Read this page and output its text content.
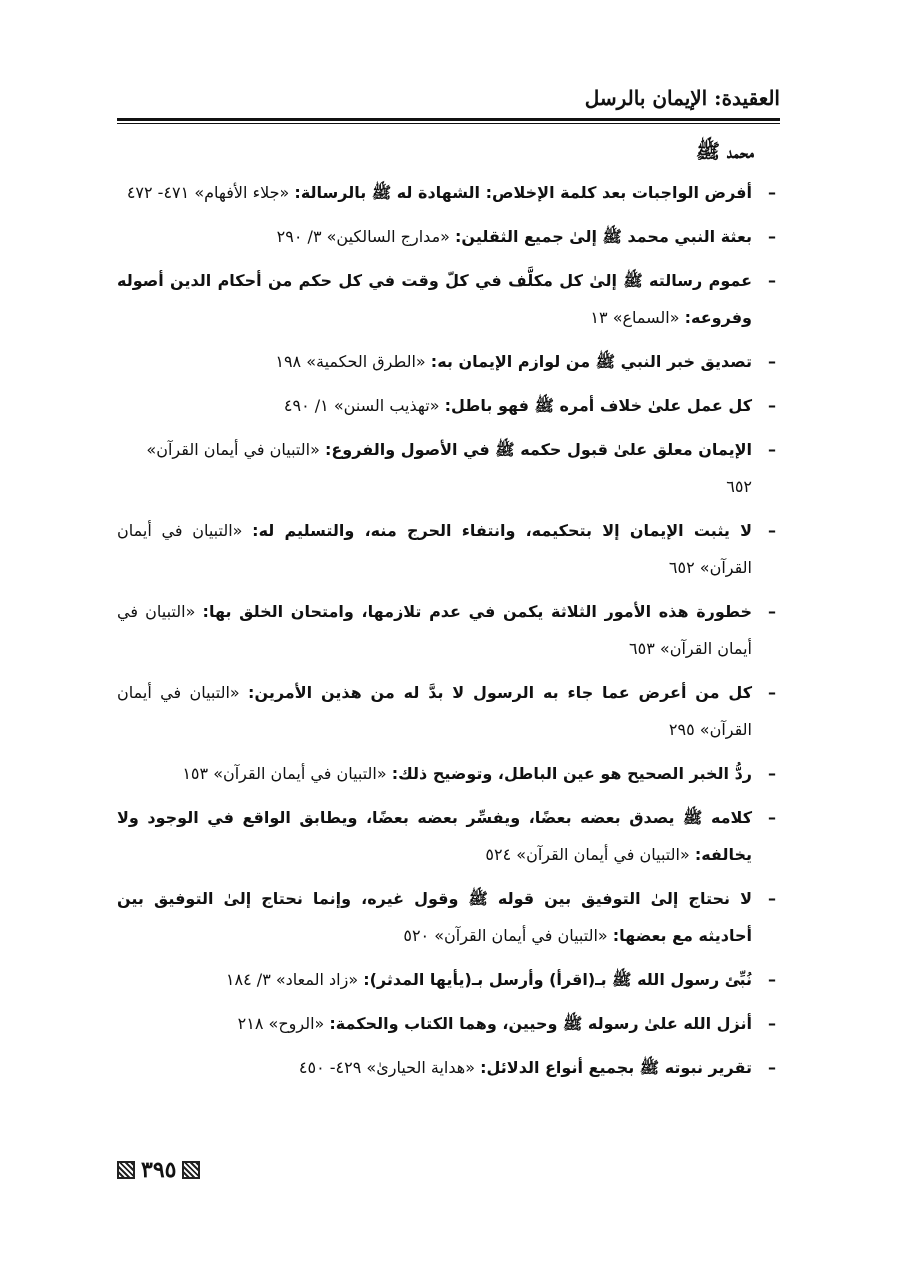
العقيدة: الإيمان بالرسل
محمد ﷺ
–
أفرض الواجبات بعد كلمة الإخلاص: الشهادة له ﷺ بالرسالة: «جلاء الأفهام» ٤٧١- ٤٧٢
–
بعثة النبي محمد ﷺ إلىٰ جميع الثقلين: «مدارج السالكين» ٣/ ٢٩٠
–
عموم رسالته ﷺ إلىٰ كل مكلَّف في كلّ وقت في كل حكم من أحكام الدين أصوله وفروعه: «السماع» ١٣
–
تصديق خبر النبي ﷺ من لوازم الإيمان به: «الطرق الحكمية» ١٩٨
–
كل عمل علىٰ خلاف أمره ﷺ فهو باطل: «تهذيب السنن» ١/ ٤٩٠
–
الإيمان معلق علىٰ قبول حكمه ﷺ في الأصول والفروع: «التبيان في أيمان القرآن» ٦٥٢
–
لا يثبت الإيمان إلا بتحكيمه، وانتفاء الحرج منه، والتسليم له: «التبيان في أيمان القرآن» ٦٥٢
–
خطورة هذه الأمور الثلاثة يكمن في عدم تلازمها، وامتحان الخلق بها: «التبيان في أيمان القرآن» ٦٥٣
–
كل من أعرض عما جاء به الرسول لا بدَّ له من هذين الأمرين: «التبيان في أيمان القرآن» ٢٩٥
–
ردُّ الخبر الصحيح هو عين الباطل، وتوضيح ذلك: «التبيان في أيمان القرآن» ١٥٣
–
كلامه ﷺ يصدق بعضه بعضًا، ويفسِّر بعضه بعضًا، ويطابق الواقع في الوجود ولا يخالفه: «التبيان في أيمان القرآن» ٥٢٤
–
لا نحتاج إلىٰ التوفيق بين قوله ﷺ وقول غيره، وإنما نحتاج إلىٰ التوفيق بين أحاديثه مع بعضها: «التبيان في أيمان القرآن» ٥٢٠
–
نُبِّئ رسول الله ﷺ بـ(اقرأ) وأرسل بـ(يأيها المدثر): «زاد المعاد» ٣/ ١٨٤
–
أنزل الله علىٰ رسوله ﷺ وحيين، وهما الكتاب والحكمة: «الروح» ٢١٨
–
تقرير نبوته ﷺ بجميع أنواع الدلائل: «هداية الحيارىٰ» ٤٢٩- ٤٥٠
٣٩٥
